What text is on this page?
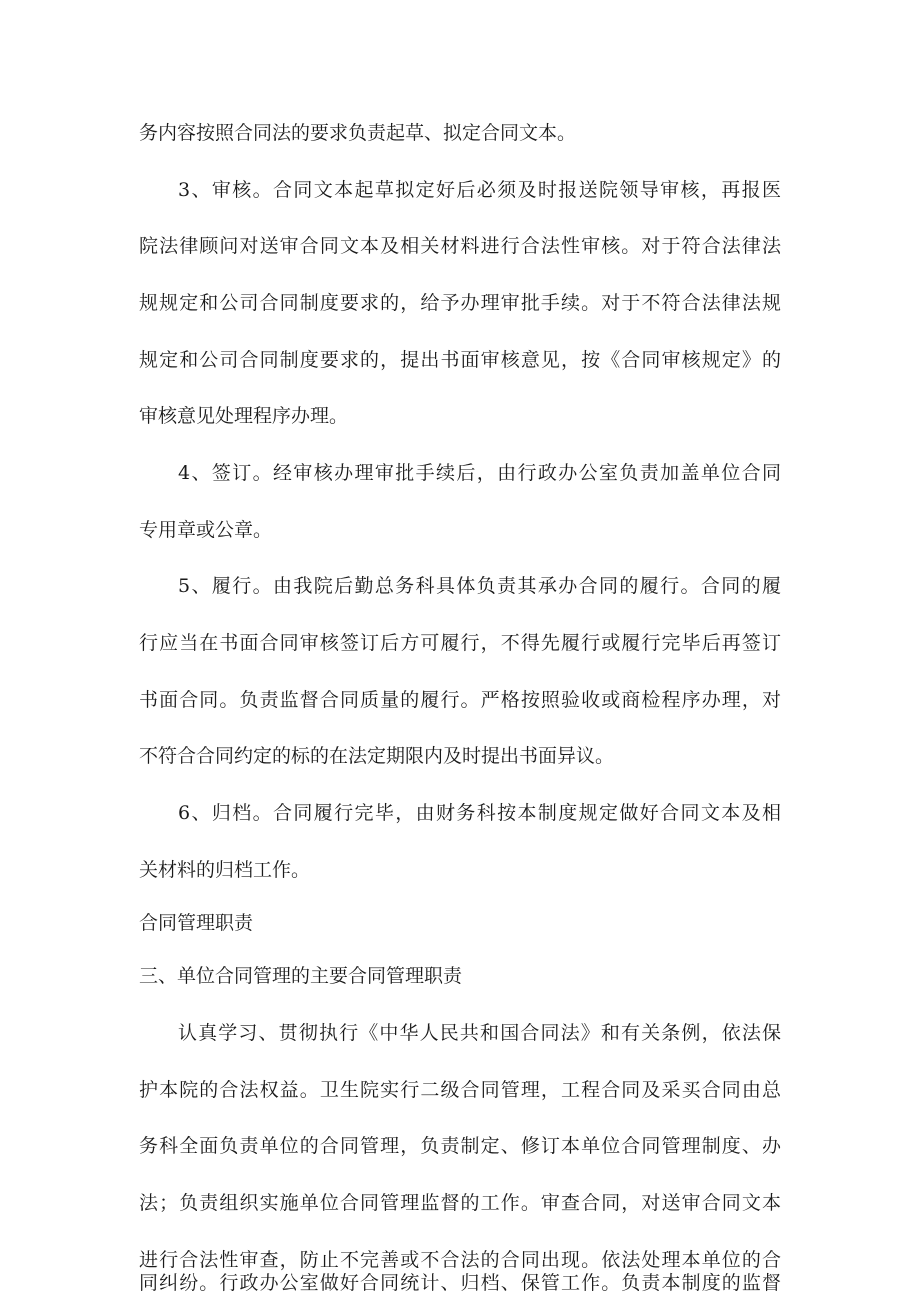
务内容按照合同法的要求负责起草、拟定合同文本。
3、审核。合同文本起草拟定好后必须及时报送院领导审核，再报医
院法律顾问对送审合同文本及相关材料进行合法性审核。对于符合法律法
规规定和公司合同制度要求的，给予办理审批手续。对于不符合法律法规
规定和公司合同制度要求的，提出书面审核意见，按《合同审核规定》的
审核意见处理程序办理。
4、签订。经审核办理审批手续后，由行政办公室负责加盖单位合同
专用章或公章。
5、履行。由我院后勤总务科具体负责其承办合同的履行。合同的履
行应当在书面合同审核签订后方可履行，不得先履行或履行完毕后再签订
书面合同。负责监督合同质量的履行。严格按照验收或商检程序办理，对
不符合合同约定的标的在法定期限内及时提出书面异议。
6、归档。合同履行完毕，由财务科按本制度规定做好合同文本及相
关材料的归档工作。
合同管理职责
三、单位合同管理的主要合同管理职责
认真学习、贯彻执行《中华人民共和国合同法》和有关条例，依法保
护本院的合法权益。卫生院实行二级合同管理，工程合同及采买合同由总
务科全面负责单位的合同管理，负责制定、修订本单位合同管理制度、办
法；负责组织实施单位合同管理监督的工作。审查合同，对送审合同文本
进行合法性审查，防止不完善或不合法的合同出现。依法处理本单位的合
同纠纷。行政办公室做好合同统计、归档、保管工作。负责本制度的监督
